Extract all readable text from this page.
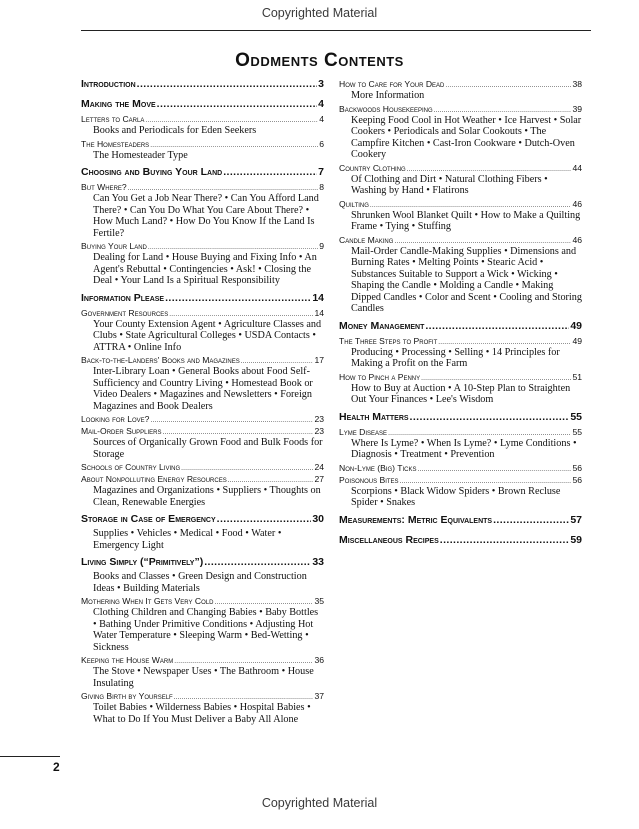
Copyrighted Material
Oddments Contents
Introduction .....	3
Making the Move .....	4
Letters to Carla .....	4
Books and Periodicals for Eden Seekers
The Homesteaders .....	6
The Homesteader Type
Choosing and Buying Your Land .....	7
But Where? .....	8
Can You Get a Job Near There? • Can You Afford Land There? • Can You Do What You Care About There? • How Much Land? • How Do You Know If the Land Is Fertile?
Buying Your Land .....	9
Dealing for Land • House Buying and Fixing Info • An Agent's Rebuttal • Contingencies • Ask! • Closing the Deal • Your Land Is a Spiritual Responsibility
Information Please .....	14
Government Resources .....	14
Your County Extension Agent • Agriculture Classes and Clubs • State Agricultural Colleges • USDA Contacts • ATTRA • Online Info
Back-to-the-Landers' Books and Magazines .....	17
Inter-Library Loan • General Books about Food Self-Sufficiency and Country Living • Homestead Book or Video Dealers • Magazines and Newsletters • Foreign Magazines and Book Dealers
Looking for Love? .....	23
Mail-Order Suppliers .....	23
Sources of Organically Grown Food and Bulk Foods for Storage
Schools of Country Living .....	24
About Nonpolluting Energy Resources .....	27
Magazines and Organizations • Suppliers • Thoughts on Clean, Renewable Energies
Storage in Case of Emergency .....	30
Supplies • Vehicles • Medical • Food • Water • Emergency Light
Living Simply (“Primitively”) .....	33
Books and Classes • Green Design and Construction Ideas • Building Materials
Mothering When It Gets Very Cold .....	35
Clothing Children and Changing Babies • Baby Bottles • Bathing Under Primitive Conditions • Adjusting Hot Water Temperature • Sleeping Warm • Bed-Wetting • Sickness
Keeping the House Warm .....	36
The Stove • Newspaper Uses • The Bathroom • House Insulating
Giving Birth by Yourself .....	37
Toilet Babies • Wilderness Babies • Hospital Babies • What to Do If You Must Deliver a Baby All Alone
How to Care for Your Dead .....	38
More Information
Backwoods Housekeeping .....	39
Keeping Food Cool in Hot Weather • Ice Harvest • Solar Cookers • Periodicals and Solar Cookouts • The Campfire Kitchen • Cast-Iron Cookware • Dutch-Oven Cookery
Country Clothing .....	44
Of Clothing and Dirt • Natural Clothing Fibers • Washing by Hand • Flatirons
Quilting .....	46
Shrunken Wool Blanket Quilt • How to Make a Quilting Frame • Tying • Stuffing
Candle Making .....	46
Mail-Order Candle-Making Supplies • Dimensions and Burning Rates • Melting Points • Stearic Acid • Substances Suitable to Support a Wick • Wicking • Shaping the Candle • Molding a Candle • Making Dipped Candles • Color and Scent • Cooling and Storing Candles
Money Management .....	49
The Three Steps to Profit .....	49
Producing • Processing • Selling • 14 Principles for Making a Profit on the Farm
How to Pinch a Penny .....	51
How to Buy at Auction • A 10-Step Plan to Straighten Out Your Finances • Lee's Wisdom
Health Matters .....	55
Lyme Disease .....	55
Where Is Lyme? • When Is Lyme? • Lyme Conditions • Diagnosis • Treatment • Prevention
Non-Lyme (Big) Ticks .....	56
Poisonous Bites .....	56
Scorpions • Black Widow Spiders • Brown Recluse Spider • Snakes
Measurements: Metric Equivalents .....	57
Miscellaneous Recipes .....	59
2
Copyrighted Material
